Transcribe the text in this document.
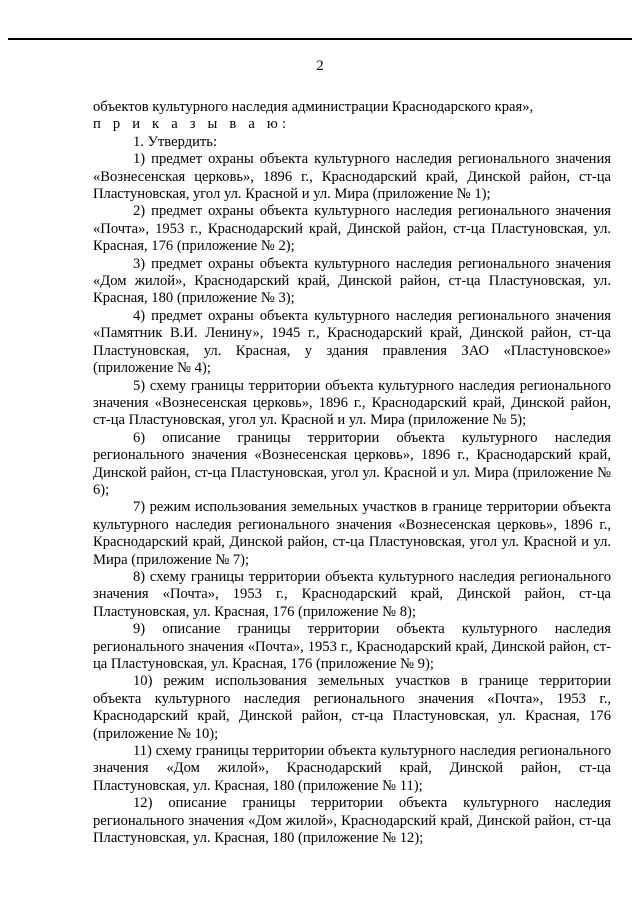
2

объектов культурного наследия администрации Краснодарского края»,

п р и к а з ы в а ю:

1. Утвердить:

1) предмет охраны объекта культурного наследия регионального значения «Вознесенская церковь», 1896 г., Краснодарский край, Динской район, ст-ца Пластуновская, угол ул. Красной и ул. Мира (приложение № 1);

2) предмет охраны объекта культурного наследия регионального значения «Почта», 1953 г., Краснодарский край, Динской район, ст-ца Пластуновская, ул. Красная, 176 (приложение № 2);

3) предмет охраны объекта культурного наследия регионального значения «Дом жилой», Краснодарский край, Динской район, ст-ца Пластуновская, ул. Красная, 180 (приложение № 3);

4) предмет охраны объекта культурного наследия регионального значения «Памятник В.И. Ленину», 1945 г., Краснодарский край, Динской район, ст-ца Пластуновская, ул. Красная, у здания правления ЗАО «Пластуновское» (приложение № 4);

5) схему границы территории объекта культурного наследия регионального значения «Вознесенская церковь», 1896 г., Краснодарский край, Динской район, ст-ца Пластуновская, угол ул. Красной и ул. Мира (приложение № 5);

6) описание границы территории объекта культурного наследия регионального значения «Вознесенская церковь», 1896 г., Краснодарский край, Динской район, ст-ца Пластуновская, угол ул. Красной и ул. Мира (приложение № 6);

7) режим использования земельных участков в границе территории объекта культурного наследия регионального значения «Вознесенская церковь», 1896 г., Краснодарский край, Динской район, ст-ца Пластуновская, угол ул. Красной и ул. Мира (приложение № 7);

8) схему границы территории объекта культурного наследия регионального значения «Почта», 1953 г., Краснодарский край, Динской район, ст-ца Пластуновская, ул. Красная, 176 (приложение № 8);

9) описание границы территории объекта культурного наследия регионального значения «Почта», 1953 г., Краснодарский край, Динской район, ст-ца Пластуновская, ул. Красная, 176 (приложение № 9);

10) режим использования земельных участков в границе территории объекта культурного наследия регионального значения «Почта», 1953 г., Краснодарский край, Динской район, ст-ца Пластуновская, ул. Красная, 176 (приложение № 10);

11) схему границы территории объекта культурного наследия регионального значения «Дом жилой», Краснодарский край, Динской район, ст-ца Пластуновская, ул. Красная, 180 (приложение № 11);

12) описание границы территории объекта культурного наследия регионального значения «Дом жилой», Краснодарский край, Динской район, ст-ца Пластуновская, ул. Красная, 180 (приложение № 12);
